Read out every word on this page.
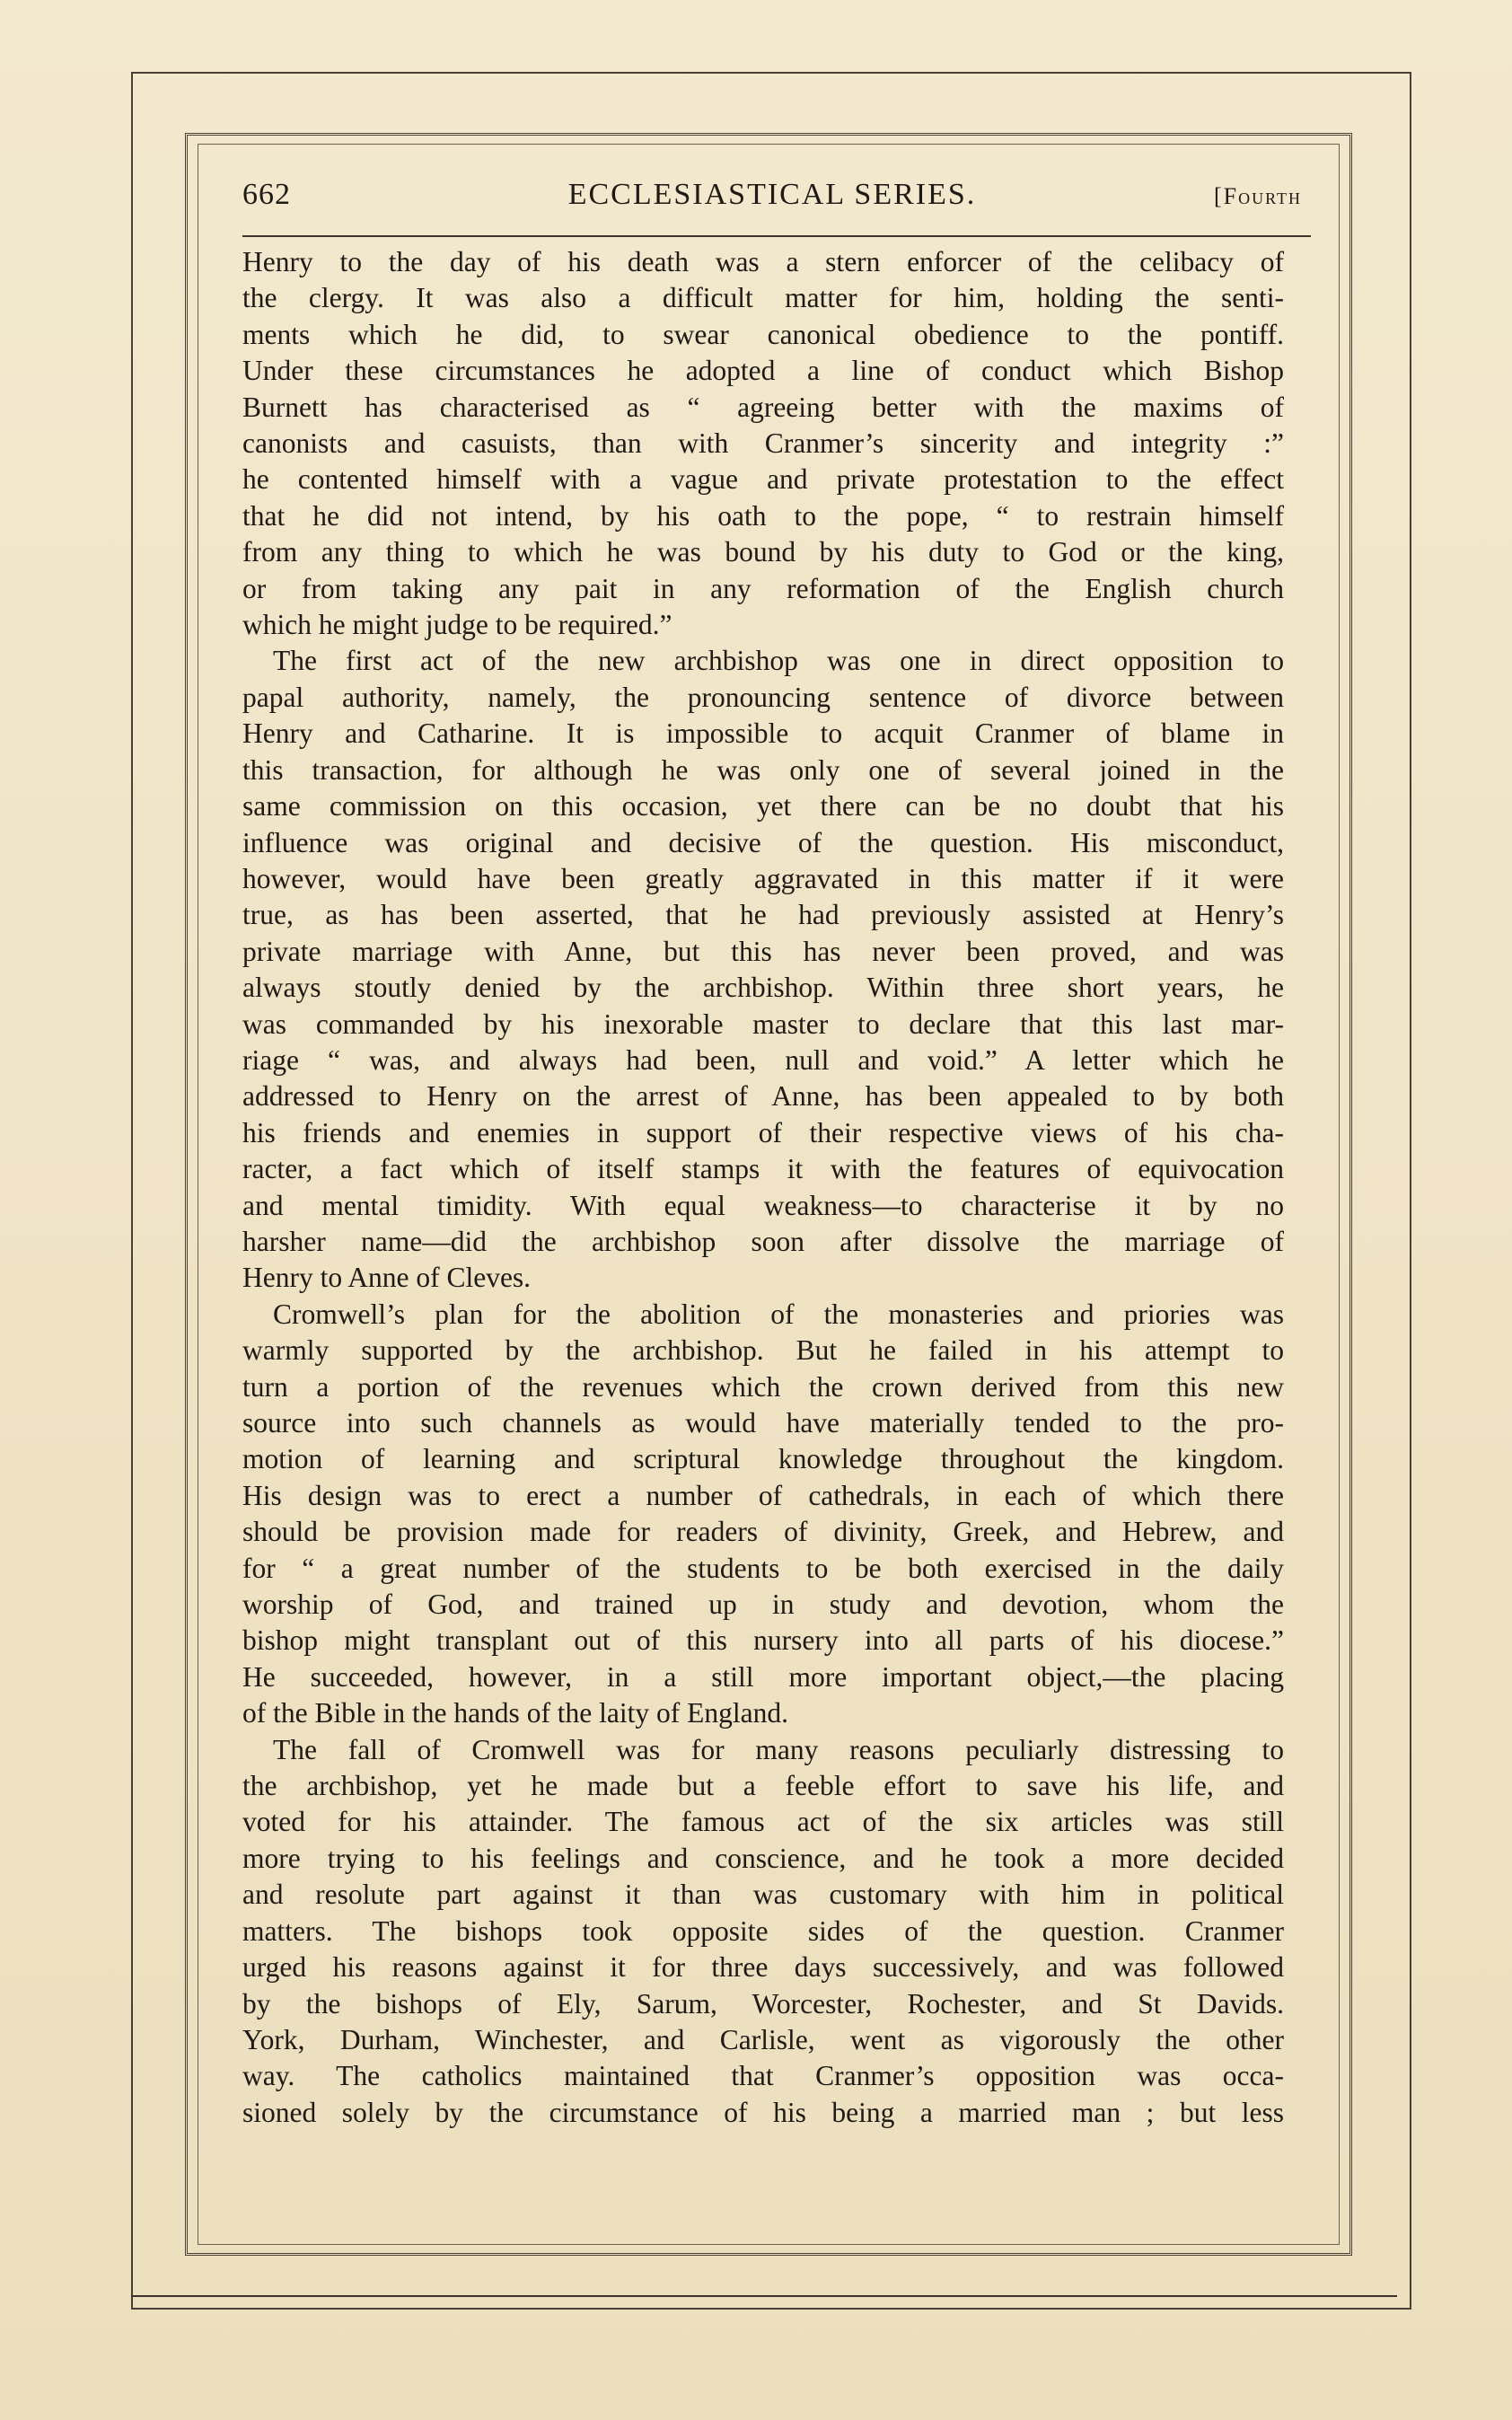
662	ECCLESIASTICAL SERIES.	[Fourth

Henry to the day of his death was a stern enforcer of the celibacy of

the clergy. It was also a difficult matter for him, holding the senti-

ments which he did, to swear canonical obedience to the pontiff.

Under these circumstances he adopted a line of conduct which Bishop

Burnett has characterised as “ agreeing better with the maxims of

canonists and casuists, than with Cranmer’s sincerity and integrity :”

he contented himself with a vague and private protestation to the effect

that he did not intend, by his oath to the pope, “ to restrain himself

from any thing to which he was bound by his duty to God or the king,

or from taking any pait in any reformation of the English church

which he might judge to be required.”

The first act of the new archbishop was one in direct opposition to

papal authority, namely, the pronouncing sentence of divorce between

Henry and Catharine. It is impossible to acquit Cranmer of blame in

this transaction, for although he was only one of several joined in the

same commission on this occasion, yet there can be no doubt that his

influence was original and decisive of the question. His misconduct,

however, would have been greatly aggravated in this matter if it were

true, as has been asserted, that he had previously assisted at Henry’s

private marriage with Anne, but this has never been proved, and was

always stoutly denied by the archbishop. Within three short years, he

was commanded by his inexorable master to declare that this last mar-

riage “ was, and always had been, null and void.” A letter which he

addressed to Henry on the arrest of Anne, has been appealed to by both

his friends and enemies in support of their respective views of his cha-

racter, a fact which of itself stamps it with the features of equivocation

and mental timidity. With equal weakness—to characterise it by no

harsher name—did the archbishop soon after dissolve the marriage of

Henry to Anne of Cleves.

Cromwell’s plan for the abolition of the monasteries and priories was

warmly supported by the archbishop. But he failed in his attempt to

turn a portion of the revenues which the crown derived from this new

source into such channels as would have materially tended to the pro-

motion of learning and scriptural knowledge throughout the kingdom.

His design was to erect a number of cathedrals, in each of which there

should be provision made for readers of divinity, Greek, and Hebrew, and

for “ a great number of the students to be both exercised in the daily

worship of God, and trained up in study and devotion, whom the

bishop might transplant out of this nursery into all parts of his diocese.”

He succeeded, however, in a still more important object,—the placing

of the Bible in the hands of the laity of England.

The fall of Cromwell was for many reasons peculiarly distressing to

the archbishop, yet he made but a feeble effort to save his life, and

voted for his attainder. The famous act of the six articles was still

more trying to his feelings and conscience, and he took a more decided

and resolute part against it than was customary with him in political

matters. The bishops took opposite sides of the question. Cranmer

urged his reasons against it for three days successively, and was followed

by the bishops of Ely, Sarum, Worcester, Rochester, and St Davids.

York, Durham, Winchester, and Carlisle, went as vigorously the other

way. The catholics maintained that Cranmer’s opposition was occa-

sioned solely by the circumstance of his being a married man ; but less
